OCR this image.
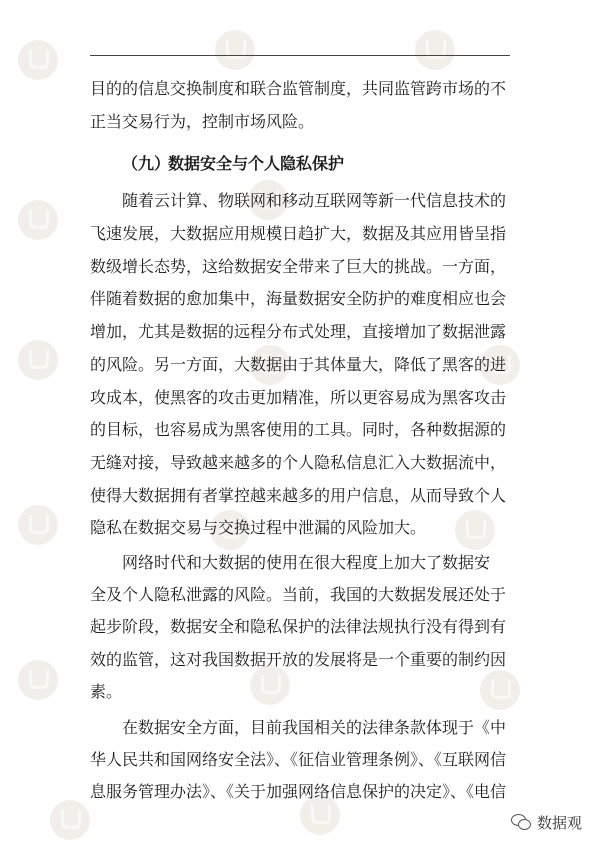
目的的信息交换制度和联合监管制度，共同监管跨市场的不
正当交易行为，控制市场风险。
（九）数据安全与个人隐私保护
随着云计算、物联网和移动互联网等新一代信息技术的
飞速发展，大数据应用规模日趋扩大，数据及其应用皆呈指
数级增长态势，这给数据安全带来了巨大的挑战。一方面，
伴随着数据的愈加集中，海量数据安全防护的难度相应也会
增加，尤其是数据的远程分布式处理，直接增加了数据泄露
的风险。另一方面，大数据由于其体量大，降低了黑客的进
攻成本，使黑客的攻击更加精准，所以更容易成为黑客攻击
的目标，也容易成为黑客使用的工具。同时，各种数据源的
无缝对接，导致越来越多的个人隐私信息汇入大数据流中，
使得大数据拥有者掌控越来越多的用户信息，从而导致个人
隐私在数据交易与交换过程中泄漏的风险加大。
网络时代和大数据的使用在很大程度上加大了数据安
全及个人隐私泄露的风险。当前，我国的大数据发展还处于
起步阶段，数据安全和隐私保护的法律法规执行没有得到有
效的监管，这对我国数据开放的发展将是一个重要的制约因
素。
在数据安全方面，目前我国相关的法律条款体现于《中
华人民共和国网络安全法》、《征信业管理条例》、《互联网信
息服务管理办法》、《关于加强网络信息保护的决定》、《电信
数据观
